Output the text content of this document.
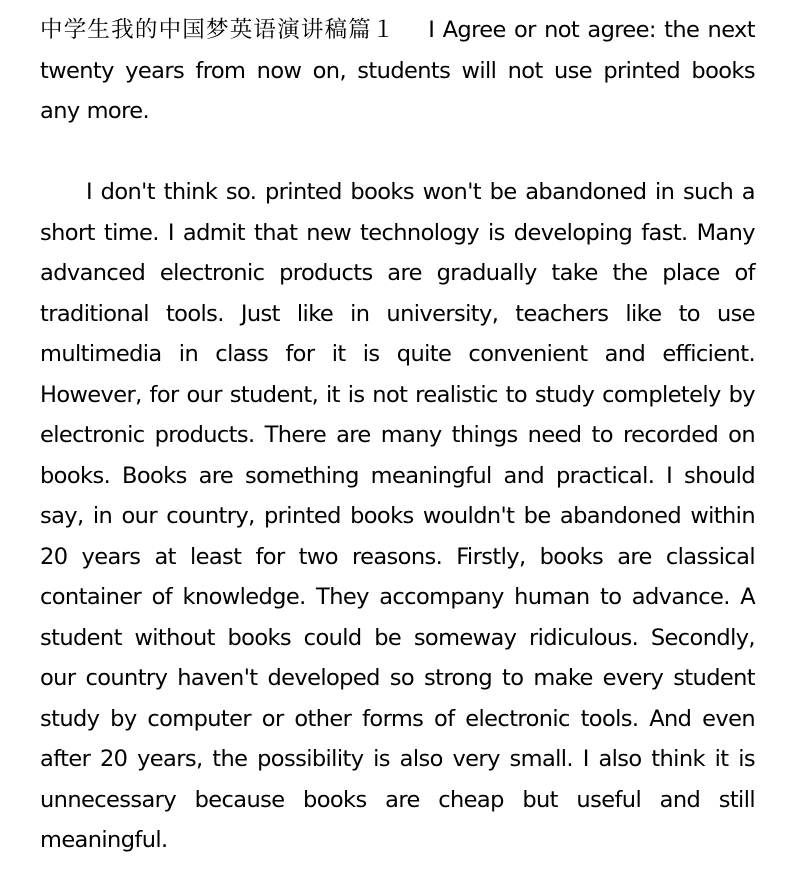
中学生我的中国梦英语演讲稿篇１   I Agree or not agree: the next twenty years from now on, students will not use printed books any more.

I don't think so. printed books won't be abandoned in such a short time. I admit that new technology is developing fast. Many advanced electronic products are gradually take the place of traditional tools. Just like in university, teachers like to use multimedia in class for it is quite convenient and efficient. However, for our student, it is not realistic to study completely by electronic products. There are many things need to recorded on books. Books are something meaningful and practical. I should say, in our country, printed books wouldn't be abandoned within 20 years at least for two reasons. Firstly, books are classical container of knowledge. They accompany human to advance. A student without books could be someway ridiculous. Secondly, our country haven't developed so strong to make every student study by computer or other forms of electronic tools. And even after 20 years, the possibility is also very small. I also think it is unnecessary because books are cheap but useful and still meaningful.
